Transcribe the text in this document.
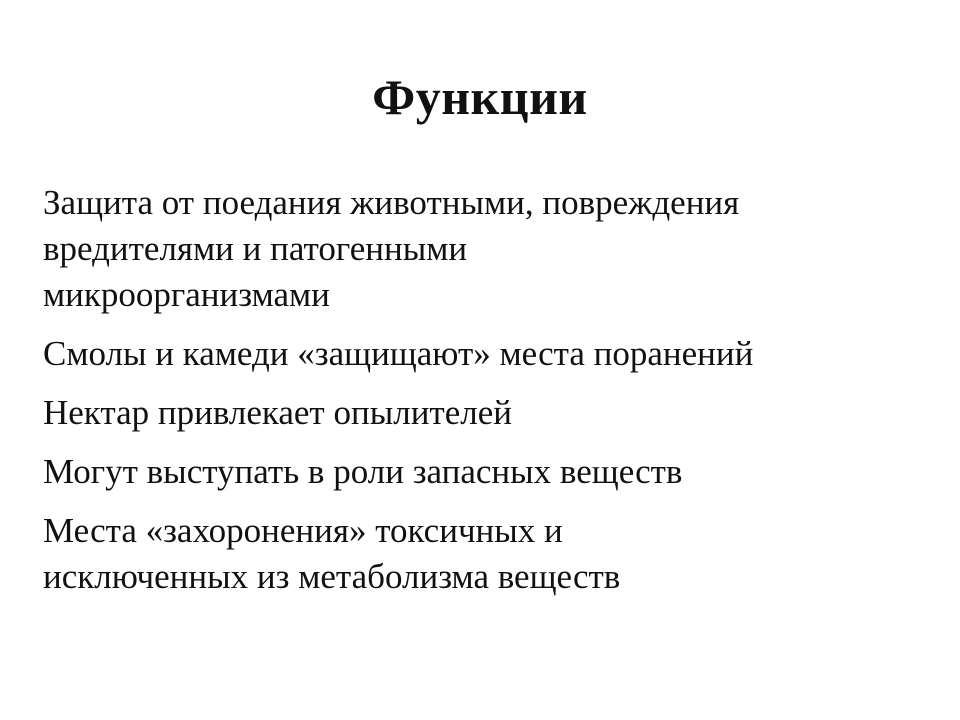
Функции
Защита от поедания животными, повреждения
вредителями и патогенными
микроорганизмами
Смолы и камеди «защищают» места поранений
Нектар привлекает опылителей
Могут выступать в роли запасных веществ
Места «захоронения» токсичных и
исключенных из метаболизма веществ
